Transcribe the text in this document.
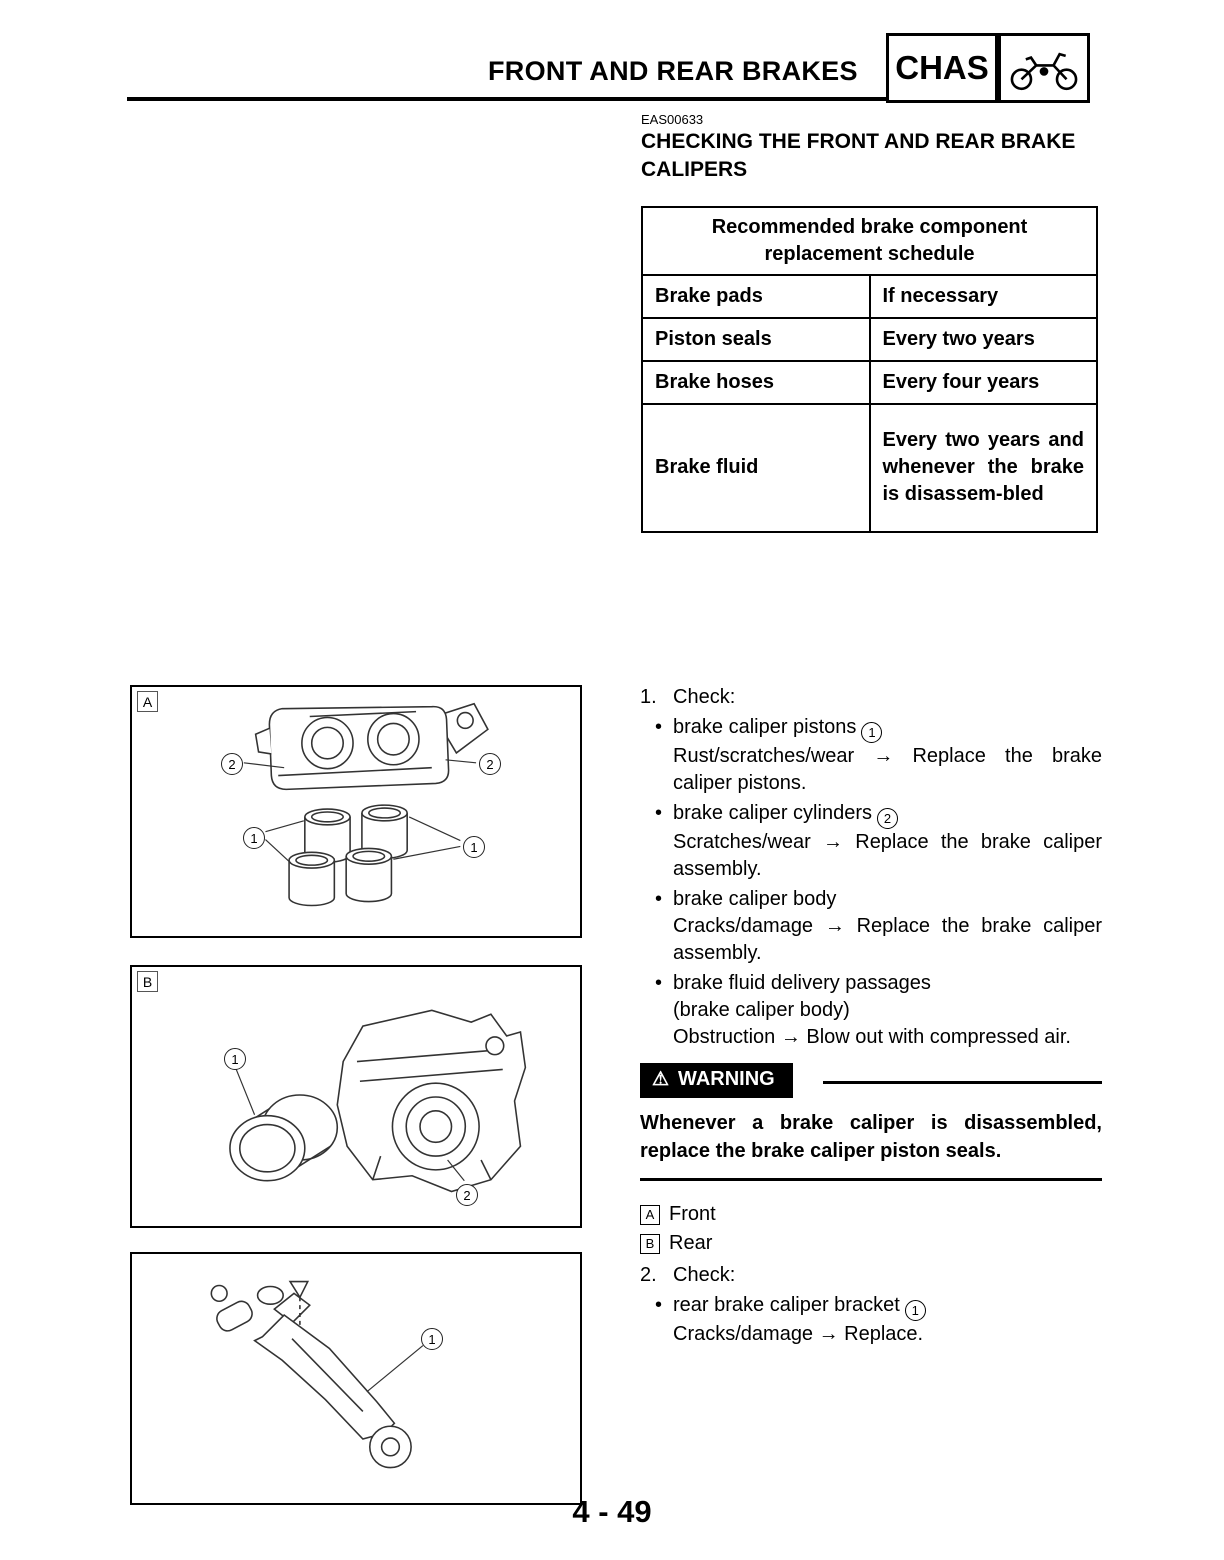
FRONT AND REAR BRAKES CHAS
EAS00633
CHECKING THE FRONT AND REAR BRAKE CALIPERS
Recommended brake component replacement schedule	
Brake pads	If necessary
Piston seals	Every two years
Brake hoses	Every four years
Brake fluid	Every two years and whenever the brake is disassem-bled
A
2	2
1
1
B
1
2
1
1. Check:
• brake caliper pistons 1
Rust/scratches/wear → Replace the brake caliper pistons.
• brake caliper cylinders 2
Scratches/wear → Replace the brake caliper assembly.
• brake caliper body
Cracks/damage → Replace the brake caliper assembly.
• brake fluid delivery passages
(brake caliper body)
Obstruction → Blow out with compressed air.
⚠ WARNING
Whenever a brake caliper is disassembled, replace the brake caliper piston seals.
A Front
B Rear
2. Check:
• rear brake caliper bracket 1
Cracks/damage → Replace.
4 - 49
